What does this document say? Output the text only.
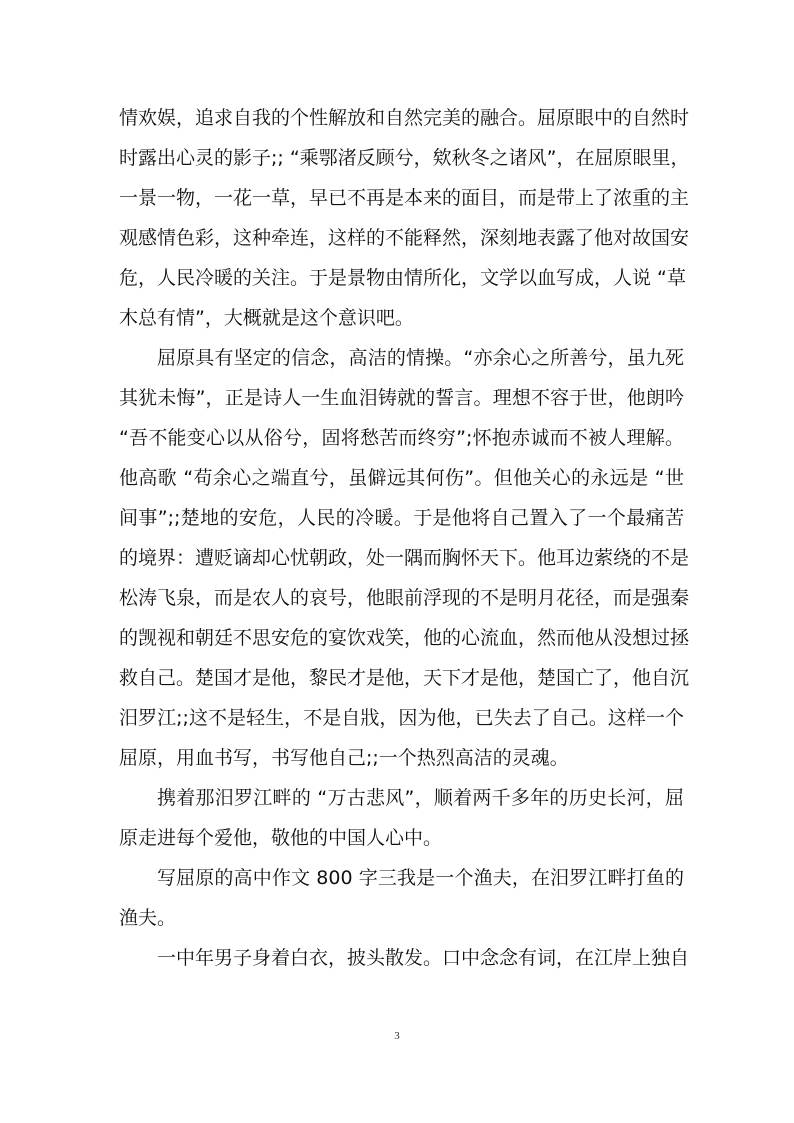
情欢娱，追求自我的个性解放和自然完美的融合。屈原眼中的自然时
时露出心灵的影子;; “乘鄂渚反顾兮，欸秋冬之诸风”，在屈原眼里，
一景一物，一花一草，早已不再是本来的面目，而是带上了浓重的主
观感情色彩，这种牵连，这样的不能释然，深刻地表露了他对故国安
危，人民冷暖的关注。于是景物由情所化，文学以血写成，人说 “草
木总有情”，大概就是这个意识吧。

屈原具有坚定的信念，高洁的情操。“亦余心之所善兮，虽九死
其犹未悔”，正是诗人一生血泪铸就的誓言。理想不容于世，他朗吟
“吾不能变心以从俗兮，固将愁苦而终穷”;怀抱赤诚而不被人理解。
他高歌 “苟余心之端直兮，虽僻远其何伤”。但他关心的永远是 “世
间事”;;楚地的安危，人民的冷暖。于是他将自己置入了一个最痛苦
的境界：遭贬谪却心忧朝政，处一隅而胸怀天下。他耳边萦绕的不是
松涛飞泉，而是农人的哀号，他眼前浮现的不是明月花径，而是强秦
的觊视和朝廷不思安危的宴饮戏笑，他的心流血，然而他从没想过拯
救自己。楚国才是他，黎民才是他，天下才是他，楚国亡了，他自沉
汨罗江;;这不是轻生，不是自戕，因为他，已失去了自己。这样一个
屈原，用血书写，书写他自己;;一个热烈高洁的灵魂。

携着那汨罗江畔的 “万古悲风”，顺着两千多年的历史长河，屈
原走进每个爱他，敬他的中国人心中。

写屈原的高中作文 800 字三我是一个渔夫，在汨罗江畔打鱼的
渔夫。

一中年男子身着白衣，披头散发。口中念念有词，在江岸上独自

3
